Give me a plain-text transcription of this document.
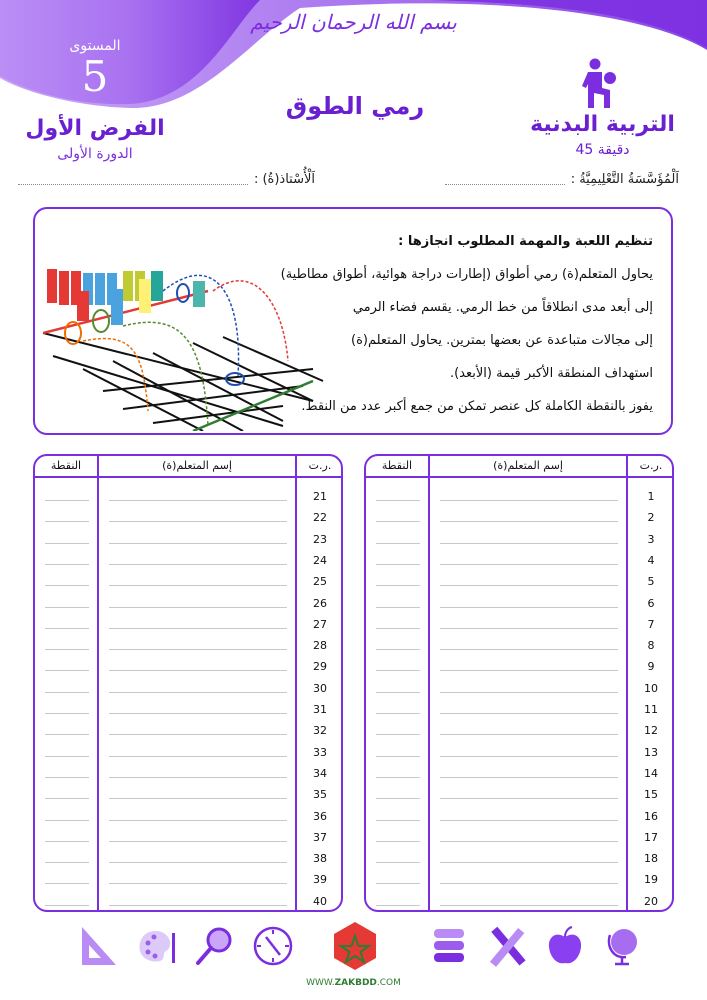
بسم الله الرحمان الرحيم
المستوى
5
الفرض الأول
الدورة الأولى
رمي الطوق
التربية البدنية
45 دقيقة
اَلْمُؤَسَّسَةُ التَّعْلِيمِيَّةُ :
اَلْأُسْتاذ(ةُ) :
تنظيم اللعبة والمهمة المطلوب انجازها :
يحاول المتعلم(ة) رمي أطواق (إطارات دراجة هوائية، أطواق مطاطية)
إلى أبعد مدى انطلاقاً من خط الرمي. يقسم فضاء الرمي
إلى مجالات متباعدة عن بعضها بمترين. يحاول المتعلم(ة)
استهداف المنطقة الأكبر قيمة (الأبعد).
يفوز بالنقطة الكاملة كل عنصر تمكن من جمع أكبر عدد من النقط.
النقطة	إسم المتعلم(ة)	ر.ت.
21
22
23
24
25
26
27
28
29
30
31
32
33
34
35
36
37
38
39
40
النقطة	إسم المتعلم(ة)	ر.ت.
1
2
3
4
5
6
7
8
9
10
11
12
13
14
15
16
17
18
19
20
WWW.ZAKBDD.COM
